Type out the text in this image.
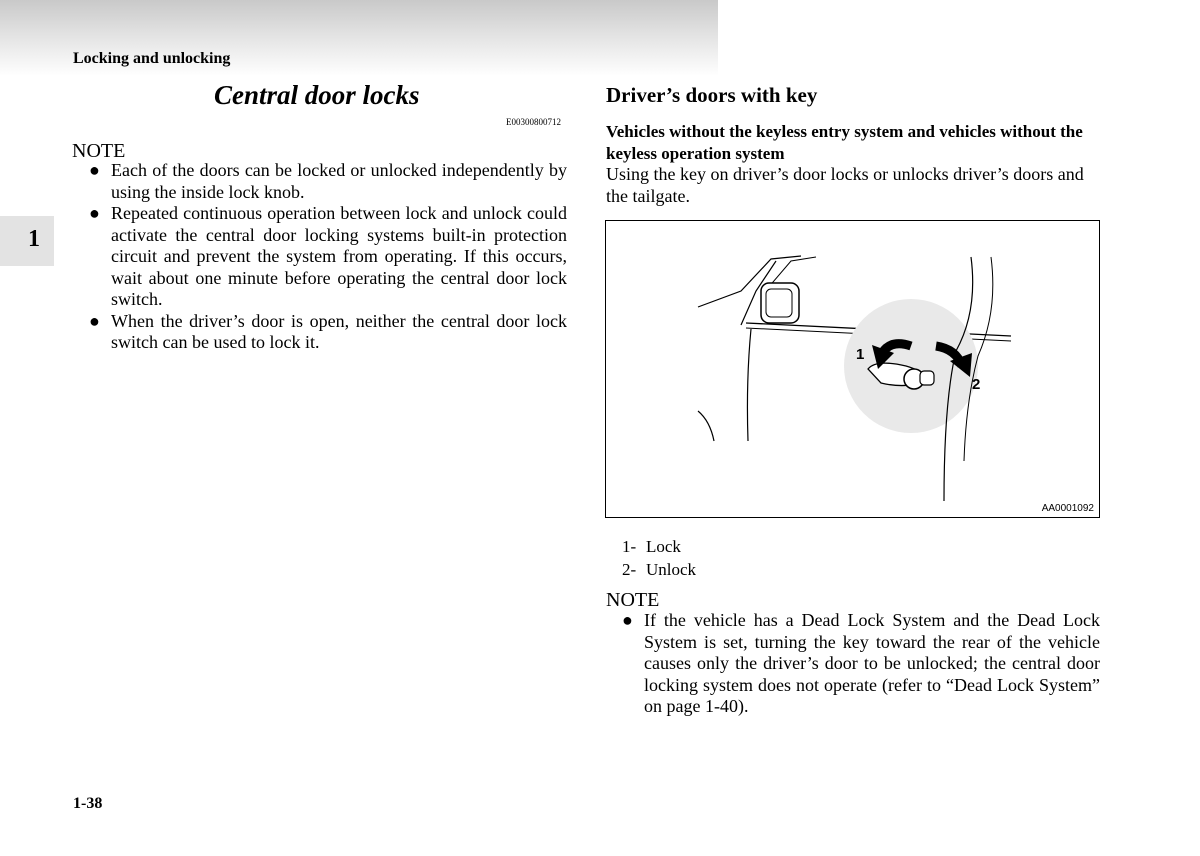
Locking and unlocking
1
Central door locks
E00300800712
NOTE
● Each of the doors can be locked or unlocked independently by using the inside lock knob.
● Repeated continuous operation between lock and unlock could activate the central door locking systems built-in protection circuit and prevent the system from operating. If this occurs, wait about one minute before operating the central door lock switch.
● When the driver’s door is open, neither the central door lock switch can be used to lock it.
Driver’s doors with key
Vehicles without the keyless entry system and vehicles without the keyless operation system
Using the key on driver’s door locks or unlocks driver’s doors and the tailgate.
1
2
AA0001092
1- Lock
2- Unlock
NOTE
● If the vehicle has a Dead Lock System and the Dead Lock System is set, turning the key toward the rear of the vehicle causes only the driver’s door to be unlocked; the central door locking system does not operate (refer to “Dead Lock System” on page 1-40).
1-38
